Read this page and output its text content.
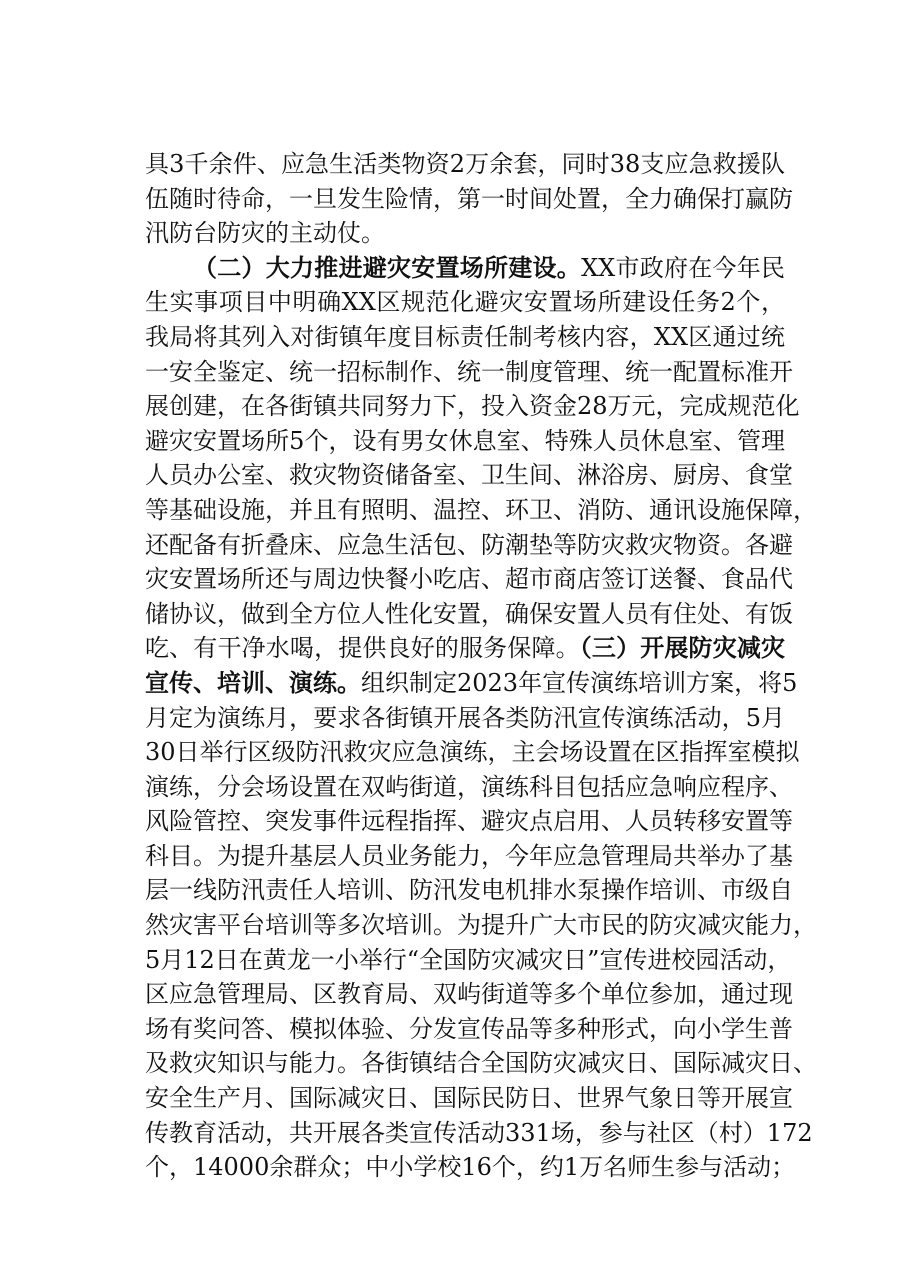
具3千余件、应急生活类物资2万余套，同时38支应急救援队
伍随时待命，一旦发生险情，第一时间处置，全力确保打赢防
汛防台防灾的主动仗。
（二）大力推进避灾安置场所建设。XX市政府在今年民
生实事项目中明确XX区规范化避灾安置场所建设任务2个，
我局将其列入对街镇年度目标责任制考核内容，XX区通过统
一安全鉴定、统一招标制作、统一制度管理、统一配置标准开
展创建，在各街镇共同努力下，投入资金28万元，完成规范化
避灾安置场所5个，设有男女休息室、特殊人员休息室、管理
人员办公室、救灾物资储备室、卫生间、淋浴房、厨房、食堂
等基础设施，并且有照明、温控、环卫、消防、通讯设施保障，
还配备有折叠床、应急生活包、防潮垫等防灾救灾物资。各避
灾安置场所还与周边快餐小吃店、超市商店签订送餐、食品代
储协议，做到全方位人性化安置，确保安置人员有住处、有饭
吃、有干净水喝，提供良好的服务保障。（三）开展防灾减灾
宣传、培训、演练。组织制定2023年宣传演练培训方案，将5
月定为演练月，要求各街镇开展各类防汛宣传演练活动，5月
30日举行区级防汛救灾应急演练，主会场设置在区指挥室模拟
演练，分会场设置在双屿街道，演练科目包括应急响应程序、
风险管控、突发事件远程指挥、避灾点启用、人员转移安置等
科目。为提升基层人员业务能力，今年应急管理局共举办了基
层一线防汛责任人培训、防汛发电机排水泵操作培训、市级自
然灾害平台培训等多次培训。为提升广大市民的防灾减灾能力，
5月12日在黄龙一小举行“全国防灾减灾日”宣传进校园活动，
区应急管理局、区教育局、双屿街道等多个单位参加，通过现
场有奖问答、模拟体验、分发宣传品等多种形式，向小学生普
及救灾知识与能力。各街镇结合全国防灾减灾日、国际减灾日、
安全生产月、国际减灾日、国际民防日、世界气象日等开展宣
传教育活动，共开展各类宣传活动331场，参与社区（村）172
个，14000余群众；中小学校16个，约1万名师生参与活动；
